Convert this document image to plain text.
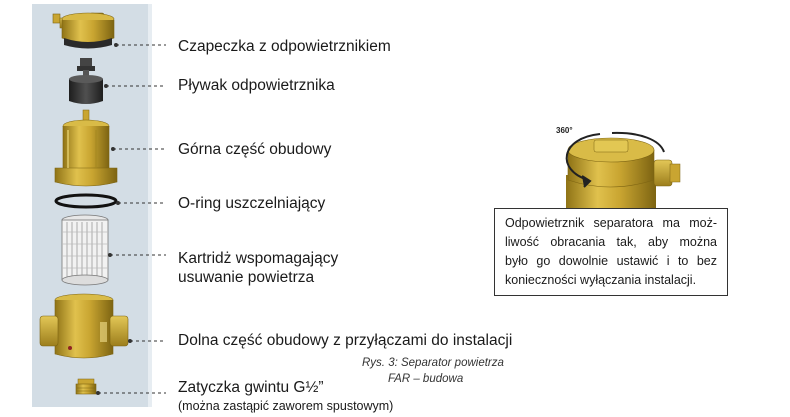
360°
Czapeczka z odpowietrznikiem
Pływak odpowietrznika
Górna część obudowy
O-ring uszczelniający
Kartridż wspomagający
usuwanie powietrza
Dolna część obudowy z przyłączami do instalacji
Zatyczka gwintu G½”
(można zastąpić zaworem spustowym)
Rys. 3: Separator powietrza
FAR – budowa
Odpowietrznik separatora ma moż-
liwość obracania tak, aby można
było go dowolnie ustawić i to bez
konieczności wyłączania instalacji.
